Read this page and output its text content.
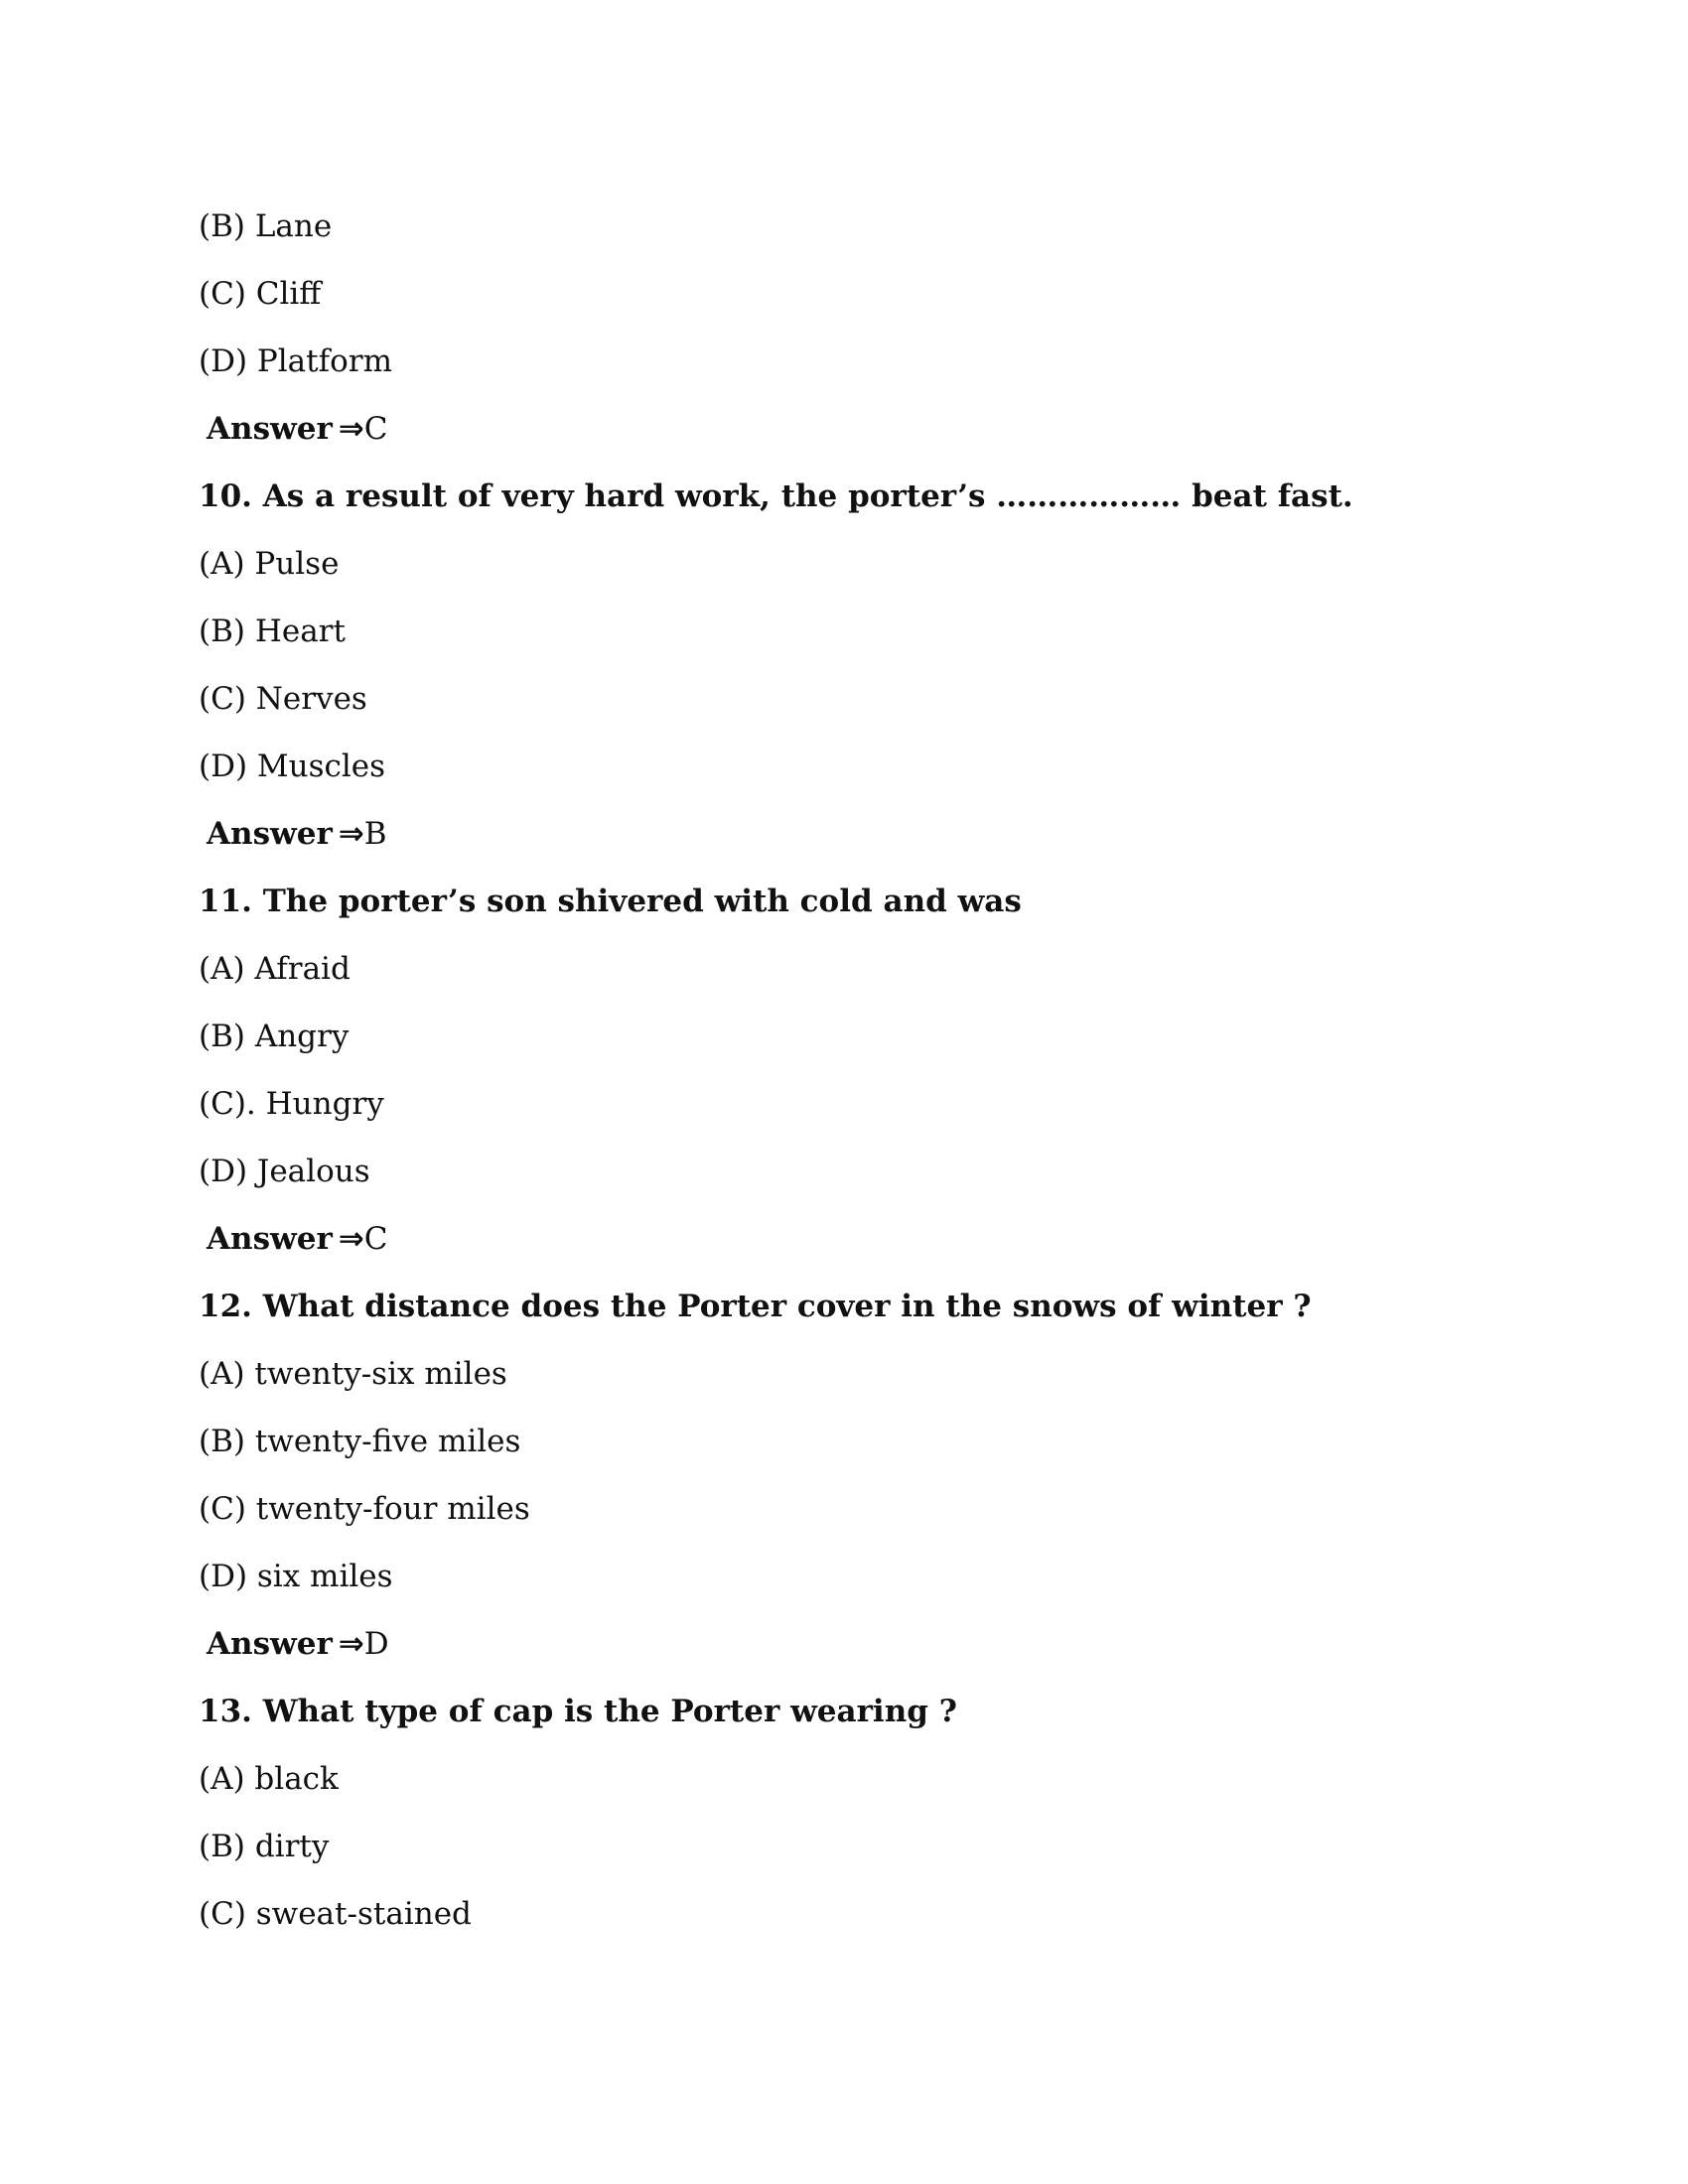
(B) Lane
(C) Cliff
(D) Platform
Answer ⇒C
10. As a result of very hard work, the porter’s ……………… beat fast.
(A) Pulse
(B) Heart
(C) Nerves
(D) Muscles
Answer ⇒B
11. The porter’s son shivered with cold and was
(A) Afraid
(B) Angry
(C). Hungry
(D) Jealous
Answer ⇒C
12. What distance does the Porter cover in the snows of winter ?
(A) twenty-six miles
(B) twenty-five miles
(C) twenty-four miles
(D) six miles
Answer ⇒D
13. What type of cap is the Porter wearing ?
(A) black
(B) dirty
(C) sweat-stained
